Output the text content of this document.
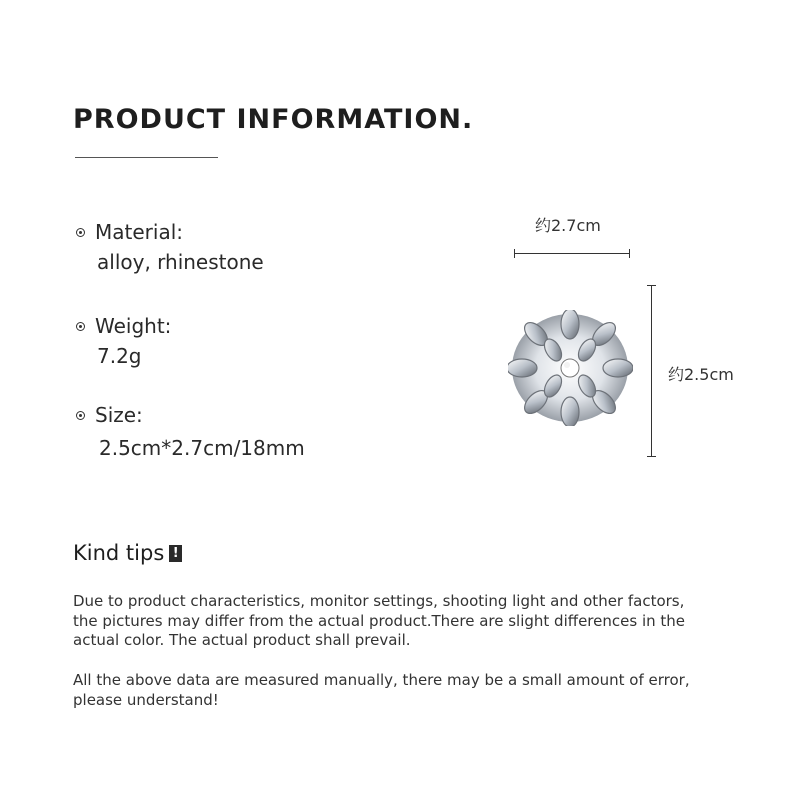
PRODUCT INFORMATION.
Material:
alloy, rhinestone
Weight:
7.2g
Size:
2.5cm*2.7cm/18mm
约2.7cm
约2.5cm
Kind tips !

Due to product characteristics, monitor settings, shooting light and other factors, the pictures may differ from the actual product.There are slight differences in the actual color. The actual product shall prevail.

All the above data are measured manually, there may be a small amount of error, please understand!
